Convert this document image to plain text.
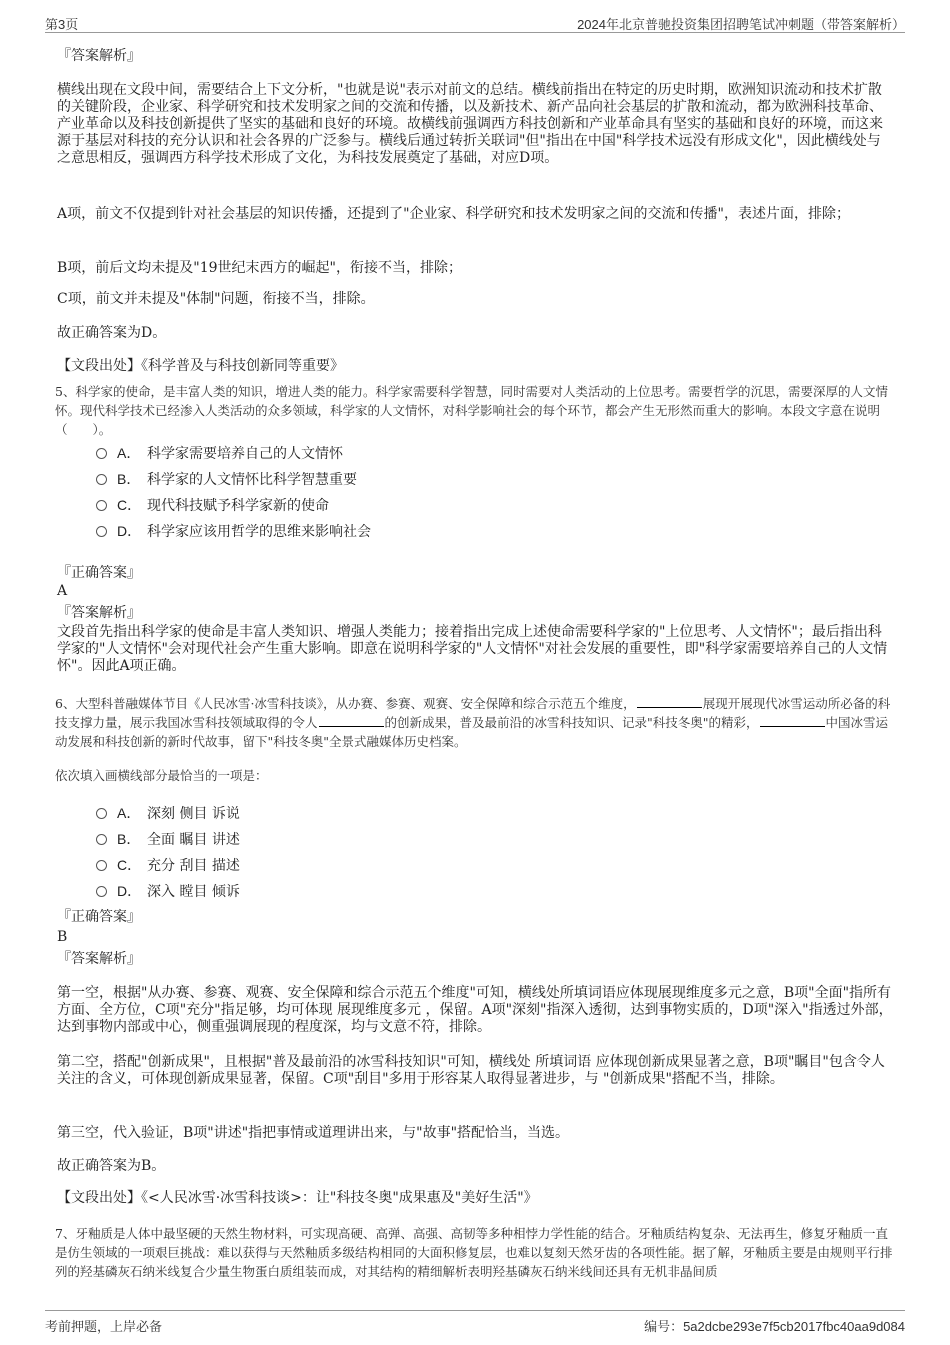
第3页	2024年北京普驰投资集团招聘笔试冲刺题（带答案解析）
『答案解析』
横线出现在文段中间，需要结合上下文分析，"也就是说"表示对前文的总结。横线前指出在特定的历史时期，欧洲知识流动和技术扩散的关键阶段，企业家、科学研究和技术发明家之间的交流和传播，以及新技术、新产品向社会基层的扩散和流动，都为欧洲科技革命、产业革命以及科技创新提供了坚实的基础和良好的环境。故横线前强调西方科技创新和产业革命具有坚实的基础和良好的环境，而这来源于基层对科技的充分认识和社会各界的广泛参与。横线后通过转折关联词"但"指出在中国"科学技术远没有形成文化"，因此横线处与之意思相反，强调西方科学技术形成了文化，为科技发展奠定了基础，对应D项。
A项，前文不仅提到针对社会基层的知识传播，还提到了"企业家、科学研究和技术发明家之间的交流和传播"，表述片面，排除；
B项，前后文均未提及"19世纪末西方的崛起"，衔接不当，排除；
C项，前文并未提及"体制"问题，衔接不当，排除。
故正确答案为D。
【文段出处】《科学普及与科技创新同等重要》
5、科学家的使命，是丰富人类的知识，增进人类的能力。科学家需要科学智慧，同时需要对人类活动的上位思考。需要哲学的沉思，需要深厚的人文情怀。现代科学技术已经渗入人类活动的众多领域，科学家的人文情怀，对科学影响社会的每个环节，都会产生无形然而重大的影响。本段文字意在说明（　　）。
A． 科学家需要培养自己的人文情怀
B． 科学家的人文情怀比科学智慧重要
C． 现代科技赋予科学家新的使命
D． 科学家应该用哲学的思维来影响社会
『正确答案』
A
『答案解析』
文段首先指出科学家的使命是丰富人类知识、增强人类能力；接着指出完成上述使命需要科学家的"上位思考、人文情怀"；最后指出科学家的"人文情怀"会对现代社会产生重大影响。即意在说明科学家的"人文情怀"对社会发展的重要性，即"科学家需要培养自己的人文情怀"。因此A项正确。
6、大型科普融媒体节目《人民冰雪·冰雪科技谈》，从办赛、参赛、观赛、安全保障和综合示范五个维度，	展现开展现代冰雪运动所必备的科技支撑力量，展示我国冰雪科技领域取得的令人	的创新成果，普及最前沿的冰雪科技知识、记录"科技冬奥"的精彩，	中国冰雪运动发展和科技创新的新时代故事，留下"科技冬奥"全景式融媒体历史档案。
依次填入画横线部分最恰当的一项是：
A． 深刻 侧目 诉说
B． 全面 瞩目 讲述
C． 充分 刮目 描述
D． 深入 瞠目 倾诉
『正确答案』
B
『答案解析』
第一空，根据"从办赛、参赛、观赛、安全保障和综合示范五个维度"可知，横线处所填词语应体现展现维度多元之意，B项"全面"指所有方面、全方位，C项"充分"指足够，均可体现 展现维度多元 ，保留。A项"深刻"指深入透彻，达到事物实质的，D项"深入"指透过外部，达到事物内部或中心，侧重强调展现的程度深，均与文意不符，排除。
第二空，搭配"创新成果"，且根据"普及最前沿的冰雪科技知识"可知，横线处 所填词语 应体现创新成果显著之意，B项"瞩目"包含令人关注的含义，可体现创新成果显著，保留。C项"刮目"多用于形容某人取得显著进步，与 "创新成果"搭配不当，排除。
第三空，代入验证，B项"讲述"指把事情或道理讲出来，与"故事"搭配恰当，当选。
故正确答案为B。
【文段出处】《<人民冰雪·冰雪科技谈>：让"科技冬奥"成果惠及"美好生活"》
7、牙釉质是人体中最坚硬的天然生物材料，可实现高硬、高弹、高强、高韧等多种相悖力学性能的结合。牙釉质结构复杂、无法再生，修复牙釉质一直是仿生领域的一项艰巨挑战：难以获得与天然釉质多级结构相同的大面积修复层，也难以复刻天然牙齿的各项性能。据了解，牙釉质主要是由规则平行排列的羟基磷灰石纳米线复合少量生物蛋白质组装而成，对其结构的精细解析表明羟基磷灰石纳米线间还具有无机非晶间质
考前押题，上岸必备	编号：5a2dcbe293e7f5cb2017fbc40aa9d084
